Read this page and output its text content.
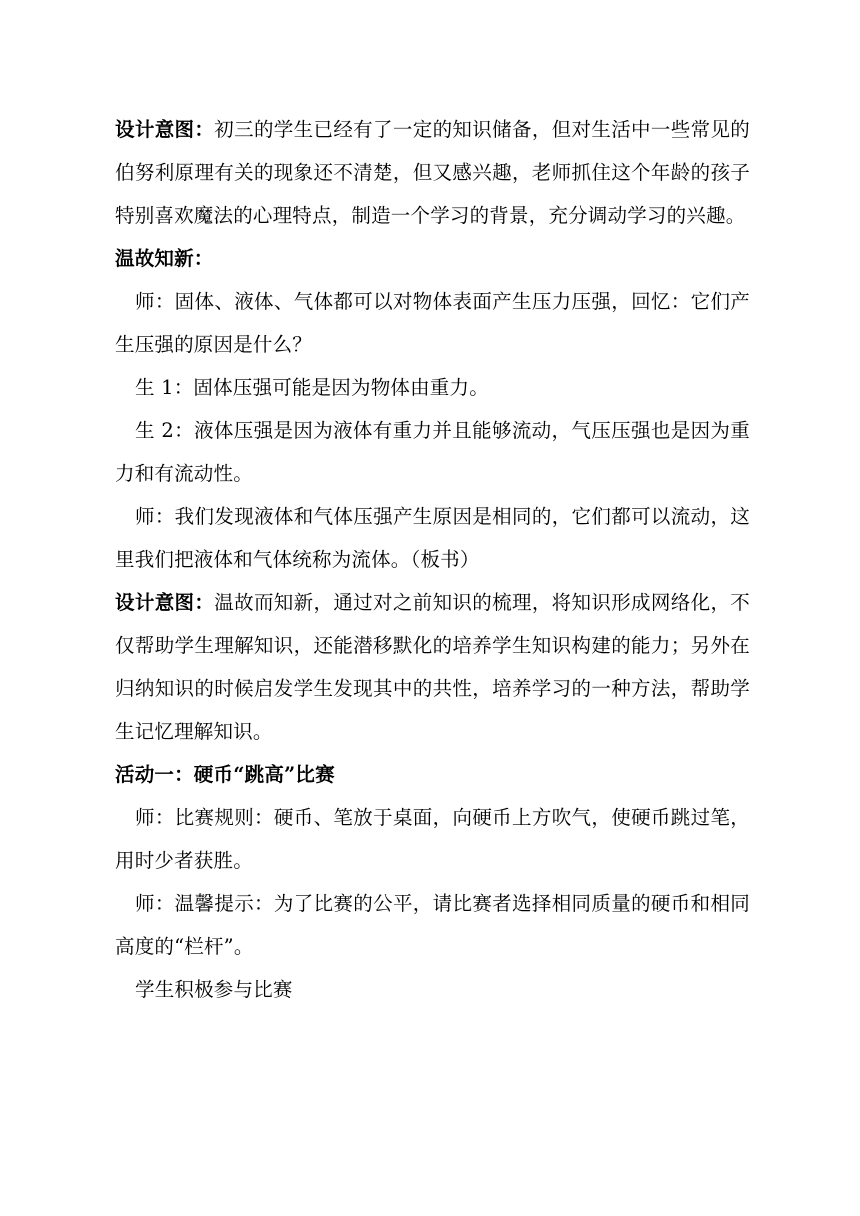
设计意图：初三的学生已经有了一定的知识储备，但对生活中一些常见的伯努利原理有关的现象还不清楚，但又感兴趣，老师抓住这个年龄的孩子特别喜欢魔法的心理特点，制造一个学习的背景，充分调动学习的兴趣。

温故知新：

师：固体、液体、气体都可以对物体表面产生压力压强，回忆：它们产生压强的原因是什么？

生 1：固体压强可能是因为物体由重力。

生 2：液体压强是因为液体有重力并且能够流动，气压压强也是因为重力和有流动性。

师：我们发现液体和气体压强产生原因是相同的，它们都可以流动，这里我们把液体和气体统称为流体。（板书）

设计意图：温故而知新，通过对之前知识的梳理，将知识形成网络化，不仅帮助学生理解知识，还能潜移默化的培养学生知识构建的能力；另外在归纳知识的时候启发学生发现其中的共性，培养学习的一种方法，帮助学生记忆理解知识。

活动一：硬币“跳高”比赛

师：比赛规则：硬币、笔放于桌面，向硬币上方吹气，使硬币跳过笔，用时少者获胜。

师：温馨提示：为了比赛的公平，请比赛者选择相同质量的硬币和相同高度的“栏杆”。

学生积极参与比赛
